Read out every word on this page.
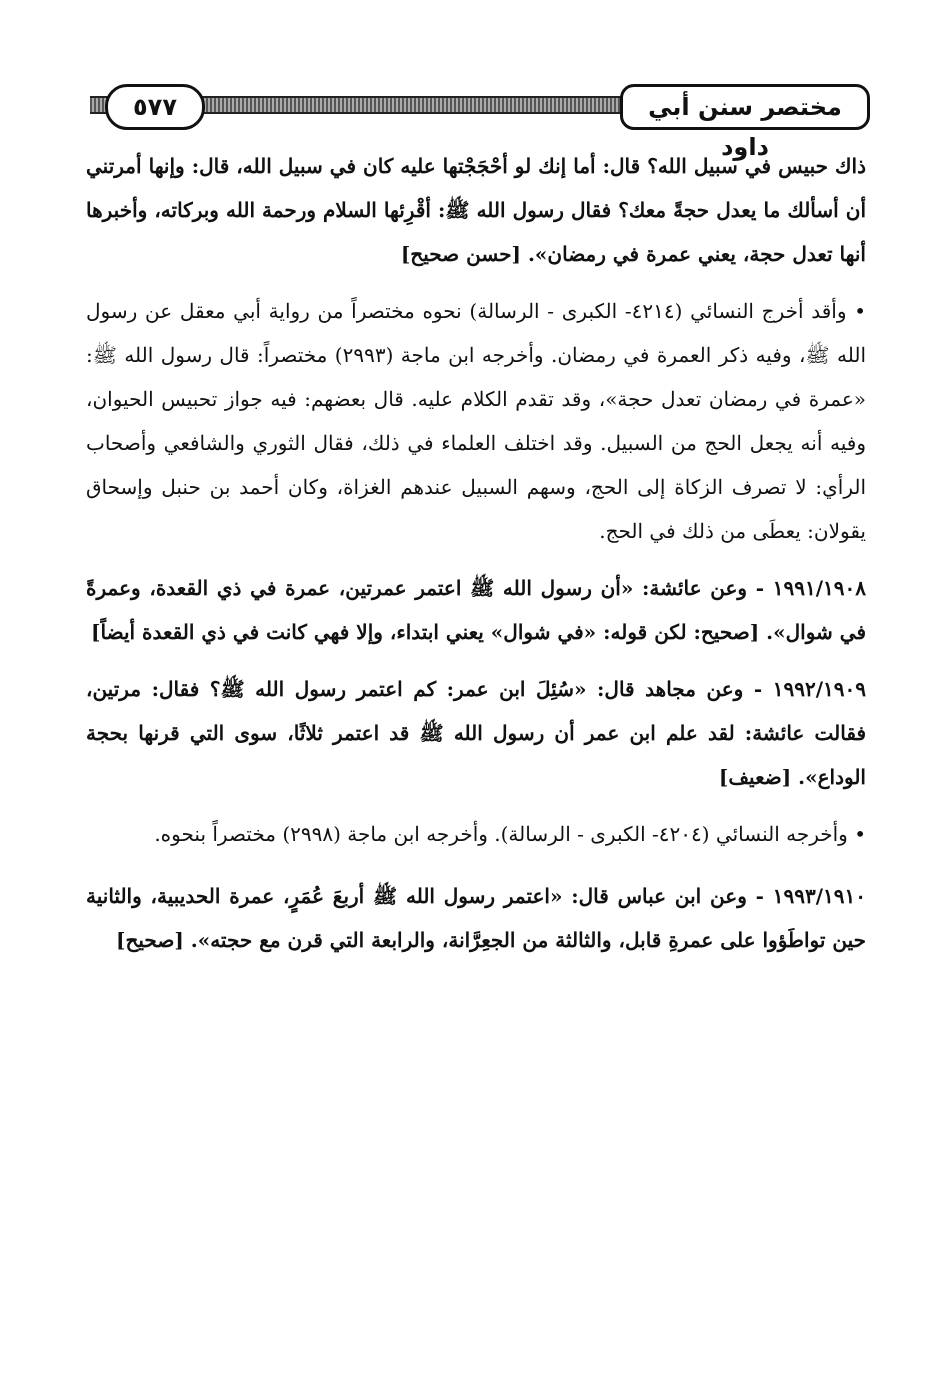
٥٧٧	مختصر سنن أبي داود

ذاك حبيس في سبيل الله؟ قال: أما إنك لو أحْجَجْتها عليه كان في سبيل الله، قال: وإنها أمرتني أن أسألك ما يعدل حجةً معك؟ فقال رسول الله ﷺ: أقْرِئها السلام ورحمة الله وبركاته، وأخبرها أنها تعدل حجة، يعني عمرة في رمضان». [حسن صحيح]

• وأقد أخرج النسائي (٤٢١٤- الكبرى - الرسالة) نحوه مختصراً من رواية أبي معقل عن رسول الله ﷺ، وفيه ذكر العمرة في رمضان. وأخرجه ابن ماجة (٢٩٩٣) مختصراً: قال رسول الله ﷺ: «عمرة في رمضان تعدل حجة»، وقد تقدم الكلام عليه. قال بعضهم: فيه جواز تحبيس الحيوان، وفيه أنه يجعل الحج من السبيل. وقد اختلف العلماء في ذلك، فقال الثوري والشافعي وأصحاب الرأي: لا تصرف الزكاة إلى الحج، وسهم السبيل عندهم الغزاة، وكان أحمد بن حنبل وإسحاق يقولان: يعطَى من ذلك في الحج.

١٩٩١/١٩٠٨ - وعن عائشة: «أن رسول الله ﷺ اعتمر عمرتين، عمرة في ذي القعدة، وعمرةً في شوال». [صحيح: لكن قوله: «في شوال» يعني ابتداء، وإلا فهي كانت في ذي القعدة أيضاً]

١٩٩٢/١٩٠٩ - وعن مجاهد قال: «سُئِلَ ابن عمر: كم اعتمر رسول الله ﷺ؟ فقال: مرتين، فقالت عائشة: لقد علم ابن عمر أن رسول الله ﷺ قد اعتمر ثلاثًا، سوى التي قرنها بحجة الوداع». [ضعيف]

• وأخرجه النسائي (٤٢٠٤- الكبرى - الرسالة). وأخرجه ابن ماجة (٢٩٩٨) مختصراً بنحوه.

١٩٩٣/١٩١٠ - وعن ابن عباس قال: «اعتمر رسول الله ﷺ أربعَ عُمَرٍ، عمرة الحديبية، والثانية حين تواطَؤوا على عمرةِ قابل، والثالثة من الجعِرَّانة، والرابعة التي قرن مع حجته». [صحيح]
